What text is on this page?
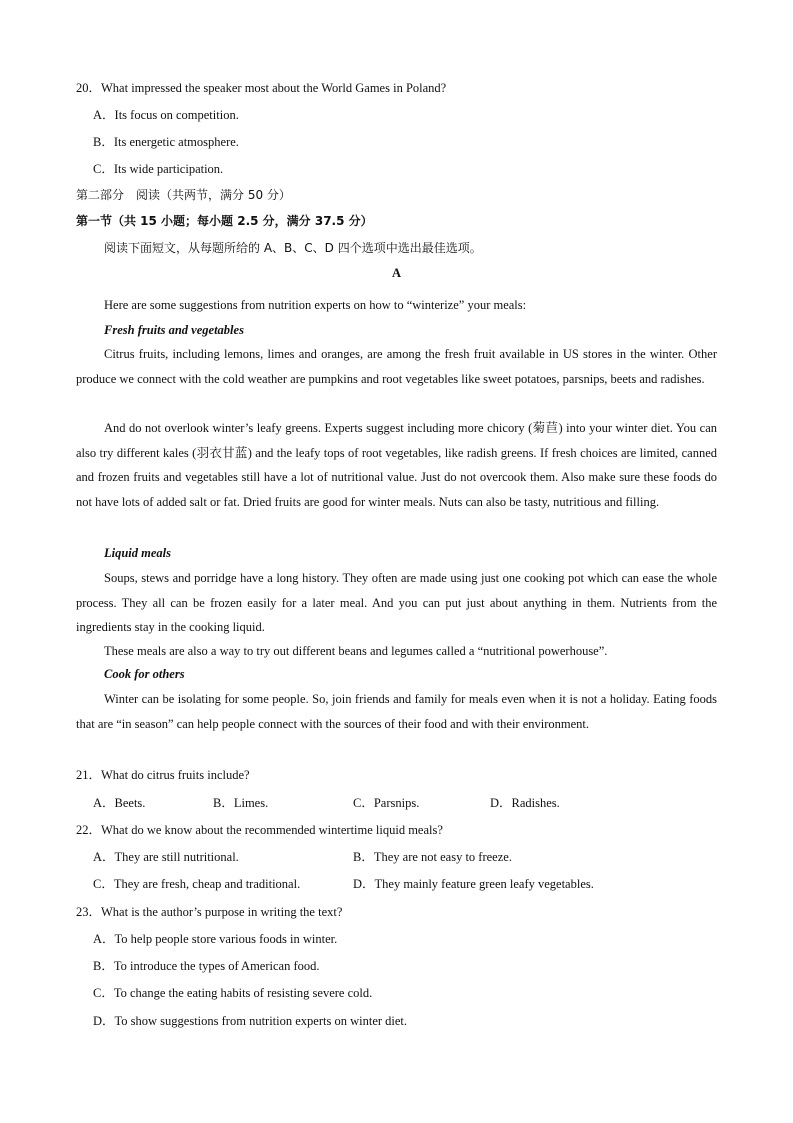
20．What impressed the speaker most about the World Games in Poland?
A．Its focus on competition.
B．Its energetic atmosphere.
C．Its wide participation.
第二部分　阅读（共两节，满分 50 分）
第一节（共 15 小题；每小题 2.5 分，满分 37.5 分）
阅读下面短文，从每题所给的 A、B、C、D 四个选项中选出最佳选项。
A
Here are some suggestions from nutrition experts on how to “winterize” your meals:
Fresh fruits and vegetables
Citrus fruits, including lemons, limes and oranges, are among the fresh fruit available in US stores in the winter. Other produce we connect with the cold weather are pumpkins and root vegetables like sweet potatoes, parsnips, beets and radishes.
And do not overlook winter’s leafy greens. Experts suggest including more chicory (菊苣) into your winter diet. You can also try different kales (羽衣甘蓝) and the leafy tops of root vegetables, like radish greens. If fresh choices are limited, canned and frozen fruits and vegetables still have a lot of nutritional value. Just do not overcook them. Also make sure these foods do not have lots of added salt or fat. Dried fruits are good for winter meals. Nuts can also be tasty, nutritious and filling.
Liquid meals
Soups, stews and porridge have a long history. They often are made using just one cooking pot which can ease the whole process. They all can be frozen easily for a later meal. And you can put just about anything in them. Nutrients from the ingredients stay in the cooking liquid.
These meals are also a way to try out different beans and legumes called a “nutritional powerhouse”.
Cook for others
Winter can be isolating for some people. So, join friends and family for meals even when it is not a holiday. Eating foods that are “in season” can help people connect with the sources of their food and with their environment.
21．What do citrus fruits include?
A．Beets.	B．Limes.	C．Parsnips.	D．Radishes.
22．What do we know about the recommended wintertime liquid meals?
A．They are still nutritional.	B．They are not easy to freeze.
C．They are fresh, cheap and traditional.	D．They mainly feature green leafy vegetables.
23．What is the author’s purpose in writing the text?
A．To help people store various foods in winter.
B．To introduce the types of American food.
C．To change the eating habits of resisting severe cold.
D．To show suggestions from nutrition experts on winter diet.
